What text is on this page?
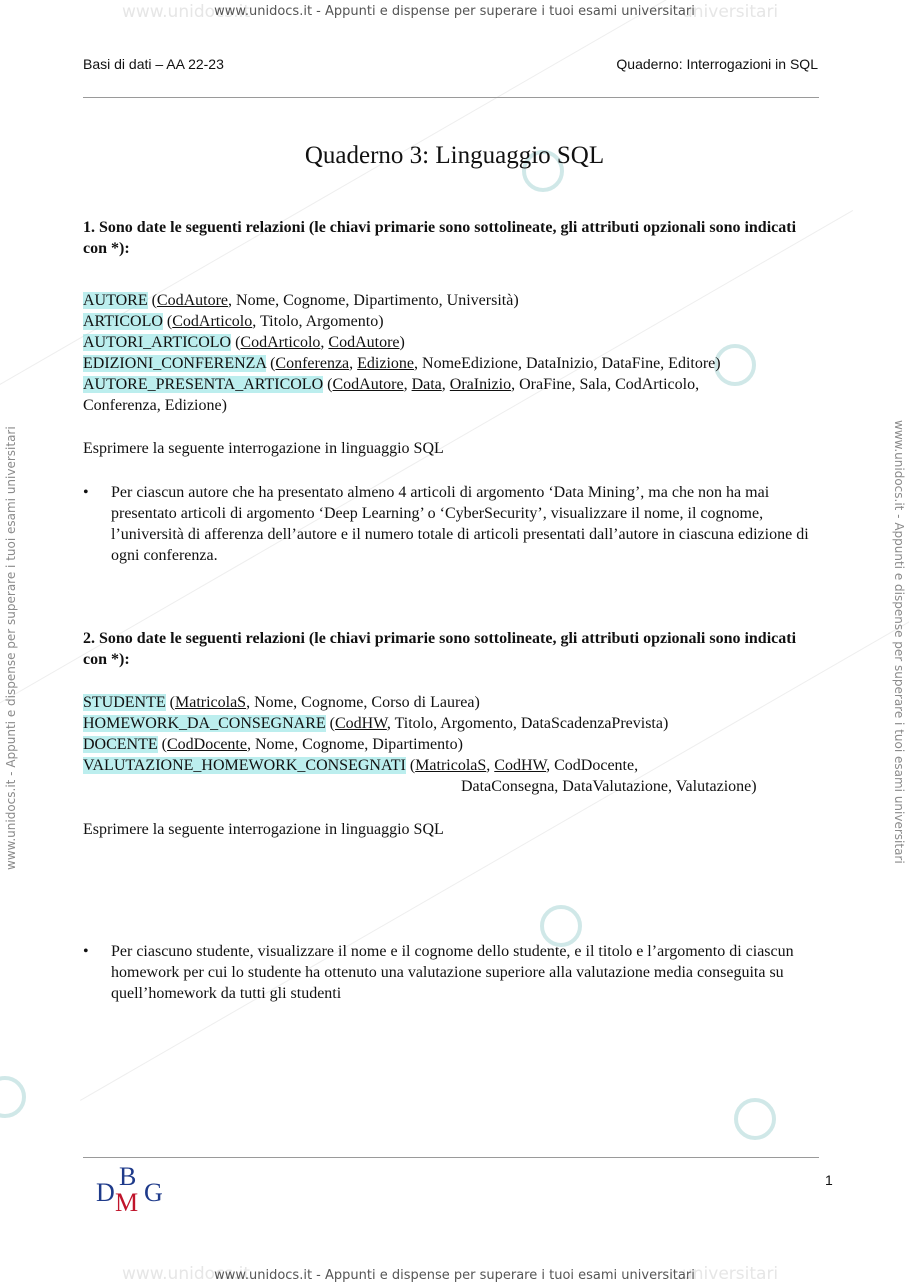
www.unidocs.it	universitari
www.unidocs.it	universitari
www.unidocs.it - Appunti e dispense per superare i tuoi esami universitari
www.unidocs.it - Appunti e dispense per superare i tuoi esami universitari
www.unidocs.it - Appunti e dispense per superare i tuoi esami universitari	www.unidocs.it - Appunti e dispense per superare i tuoi esami universitari
Basi di dati – AA 22-23	Quaderno: Interrogazioni in SQL
Quaderno 3: Linguaggio SQL
1. Sono date le seguenti relazioni (le chiavi primarie sono sottolineate, gli attributi opzionali sono indicati con *):

AUTORE (CodAutore, Nome, Cognome, Dipartimento, Università)

ARTICOLO (CodArticolo, Titolo, Argomento)

AUTORI_ARTICOLO (CodArticolo, CodAutore)

EDIZIONI_CONFERENZA (Conferenza, Edizione, NomeEdizione, DataInizio, DataFine, Editore)

AUTORE_PRESENTA_ARTICOLO (CodAutore, Data, OraInizio, OraFine, Sala, CodArticolo,

Conferenza, Edizione)

Esprimere la seguente interrogazione in linguaggio SQL
• Per ciascun autore che ha presentato almeno 4 articoli di argomento ‘Data Mining’, ma che non ha mai presentato articoli di argomento ‘Deep Learning’ o ‘CyberSecurity’, visualizzare il nome, il cognome, l’università di afferenza dell’autore e il numero totale di articoli presentati dall’autore in ciascuna edizione di ogni conferenza.
2. Sono date le seguenti relazioni (le chiavi primarie sono sottolineate, gli attributi opzionali sono indicati con *):

STUDENTE (MatricolaS, Nome, Cognome, Corso di Laurea)

HOMEWORK_DA_CONSEGNARE (CodHW, Titolo, Argomento, DataScadenzaPrevista)

DOCENTE (CodDocente, Nome, Cognome, Dipartimento)

VALUTAZIONE_HOMEWORK_CONSEGNATI (MatricolaS, CodHW, CodDocente,

DataConsegna, DataValutazione, Valutazione)

Esprimere la seguente interrogazione in linguaggio SQL
• Per ciascuno studente, visualizzare il nome e il cognome dello studente, e il titolo e l’argomento di ciascun homework per cui lo studente ha ottenuto una valutazione superiore alla valutazione media conseguita su quell’homework da tutti gli studenti
D
B
M G	1
